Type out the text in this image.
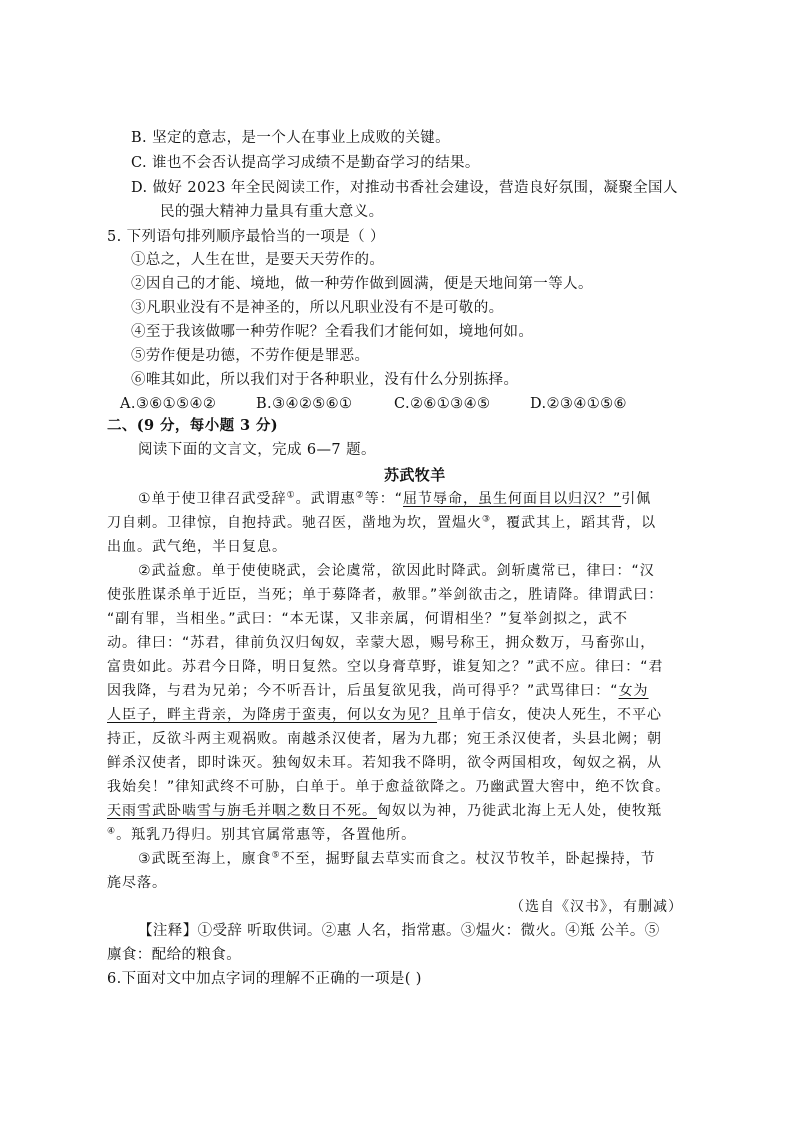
B. 坚定的意志，是一个人在事业上成败的关键。
C. 谁也不会否认提高学习成绩不是勤奋学习的结果。
D. 做好 2023 年全民阅读工作，对推动书香社会建设，营造良好氛围，凝聚全国人
民的强大精神力量具有重大意义。
5. 下列语句排列顺序最恰当的一项是（ ）
①总之，人生在世，是要天天劳作的。
②因自己的才能、境地，做一种劳作做到圆满，便是天地间第一等人。
③凡职业没有不是神圣的，所以凡职业没有不是可敬的。
④至于我该做哪一种劳作呢？全看我们才能何如，境地何如。
⑤劳作便是功德，不劳作便是罪恶。
⑥唯其如此，所以我们对于各种职业，没有什么分别拣择。
A.③⑥①⑤④②	B.③④②⑤⑥①	C.②⑥①③④⑤	D.②③④①⑤⑥
二、(9 分，每小题 3 分)
阅读下面的文言文，完成 6—7 题。
苏武牧羊
①单于使卫律召武受辞①。武谓惠②等：“屈节辱命，虽生何面目以归汉？”引佩
刀自刺。卫律惊，自抱持武。驰召医，凿地为坎，置煴火③，覆武其上，蹈其背，以
出血。武气绝，半日复息。
②武益愈。单于使使晓武，会论虞常，欲因此时降武。剑斩虞常已，律曰：“汉
使张胜谋杀单于近臣，当死；单于募降者，赦罪。”举剑欲击之，胜请降。律谓武曰：
“副有罪，当相坐。”武曰：“本无谋，又非亲属，何谓相坐？”复举剑拟之，武不
动。律曰：“苏君，律前负汉归匈奴，幸蒙大恩，赐号称王，拥众数万，马畜弥山，
富贵如此。苏君今日降，明日复然。空以身膏草野，谁复知之？”武不应。律曰：“君
因我降，与君为兄弟；今不听吾计，后虽复欲见我，尚可得乎？”武骂律曰：“女为
人臣子，畔主背亲，为降虏于蛮夷，何以女为见？且单于信女，使决人死生，不平心
持正，反欲斗两主观祸败。南越杀汉使者，屠为九郡；宛王杀汉使者，头县北阙；朝
鲜杀汉使者，即时诛灭。独匈奴未耳。若知我不降明，欲令两国相攻，匈奴之祸，从
我始矣！”律知武终不可胁，白单于。单于愈益欲降之。乃幽武置大窖中，绝不饮食。
天雨雪武卧啮雪与旃毛并咽之数日不死。匈奴以为神，乃徙武北海上无人处，使牧羝
④。羝乳乃得归。别其官属常惠等，各置他所。
③武既至海上，廪食⑤不至，掘野鼠去草实而食之。杖汉节牧羊，卧起操持，节
旄尽落。
（选自《汉书》，有删减）
【注释】①受辞 听取供词。②惠 人名，指常惠。③煴火：微火。④羝 公羊。⑤
廪食：配给的粮食。
6.下面对文中加点字词的理解不正确的一项是( )
